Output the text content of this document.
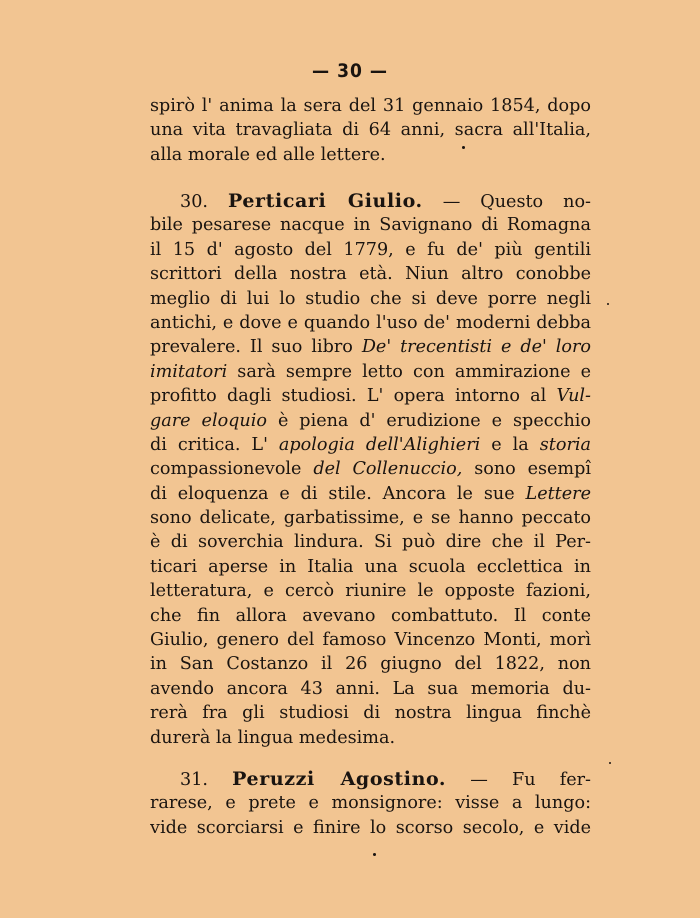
— 30 —
spirò l' anima la sera del 31 gennaio 1854, dopo
una vita travagliata di 64 anni, sacra all'Italia,
alla morale ed alle lettere.
30. Perticari Giulio. — Questo no-
bile pesarese nacque in Savignano di Romagna
il 15 d' agosto del 1779, e fu de' più gentili
scrittori della nostra età. Niun altro conobbe
meglio di lui lo studio che si deve porre negli
antichi, e dove e quando l'uso de' moderni debba
prevalere. Il suo libro De' trecentisti e de' loro
imitatori sarà sempre letto con ammirazione e
profitto dagli studiosi. L' opera intorno al Vul-
gare eloquio è piena d' erudizione e specchio
di critica. L' apologia dell'Alighieri e la storia
compassionevole del Collenuccio, sono esempî
di eloquenza e di stile. Ancora le sue Lettere
sono delicate, garbatissime, e se hanno peccato
è di soverchia lindura. Si può dire che il Per-
ticari aperse in Italia una scuola ecclettica in
letteratura, e cercò riunire le opposte fazioni,
che fin allora avevano combattuto. Il conte
Giulio, genero del famoso Vincenzo Monti, morì
in San Costanzo il 26 giugno del 1822, non
avendo ancora 43 anni. La sua memoria du-
rerà fra gli studiosi di nostra lingua finchè
durerà la lingua medesima.
31. Peruzzi Agostino. — Fu fer-
rarese, e prete e monsignore: visse a lungo:
vide scorciarsi e finire lo scorso secolo, e vide
